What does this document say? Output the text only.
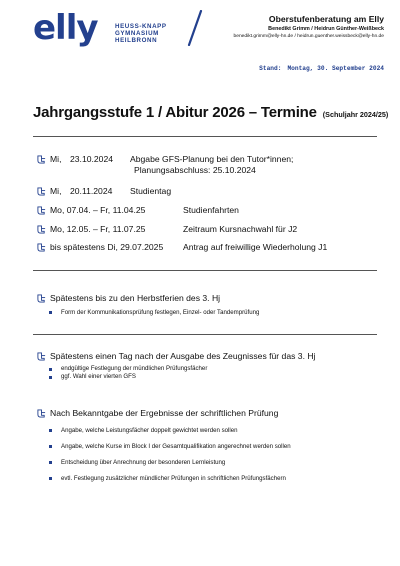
elly	HEUSS-KNAPP
GYMNASIUM
HEILBRONN
Oberstufenberatung am Elly
Benedikt Grimm / Heidrun Günther-Weißbeck
benedikt.grimm@elly-hn.de / heidrun.guenther.weissbeck@elly-hn.de
Stand: Montag, 30. September 2024
Jahrgangsstufe 1 / Abitur 2026 – Termine (Schuljahr 2024/25)
Mi, 23.10.2024 Abgabe GFS-Planung bei den Tutor*innen;
Planungsabschluss: 25.10.2024
Mi, 20.11.2024 Studientag
Mo, 07.04. – Fr, 11.04.25	Studienfahrten
Mo, 12.05. – Fr, 11.07.25	Zeitraum Kursnachwahl für J2
bis spätestens Di, 29.07.2025 Antrag auf freiwillige Wiederholung J1
Spätestens bis zu den Herbstferien des 3. Hj
Form der Kommunikationsprüfung festlegen, Einzel- oder Tandemprüfung
Spätestens einen Tag nach der Ausgabe des Zeugnisses für das 3. Hj
endgültige Festlegung der mündlichen Prüfungsfächer
ggf. Wahl einer vierten GFS
Nach Bekanntgabe der Ergebnisse der schriftlichen Prüfung
Angabe, welche Leistungsfächer doppelt gewichtet werden sollen
Angabe, welche Kurse im Block I der Gesamtqualifikation angerechnet werden sollen
Entscheidung über Anrechnung der besonderen Lernleistung
evtl. Festlegung zusätzlicher mündlicher Prüfungen in schriftlichen Prüfungsfächern
